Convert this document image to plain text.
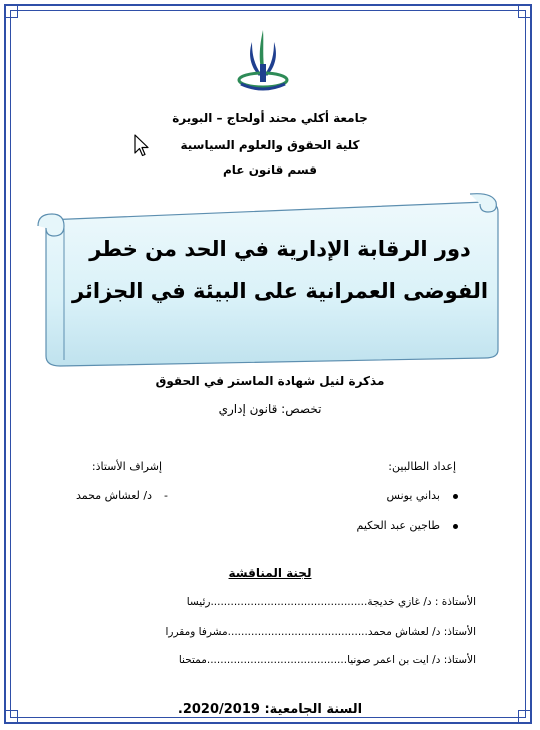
جامعة أكلي محند أولحاج – البويرة
كلية الحقوق والعلوم السياسية
قسم قانون عام
دور الرقابة الإدارية في الحد من خطر
الفوضى العمرانية على البيئة في الجزائر
مذكرة لنيل شهادة الماستر في الحقوق
تخصص: قانون إداري
إعداد الطالبين:
إشراف الأستاذ:
بداني يونس
طاجين عبد الحكيم
-
د/ لعشاش محمد
لجنة المناقشة
الأستاذة : د/ غازي خديجة...............................................رئيسا
الأستاذ: د/ لعشاش محمد..........................................مشرفا ومقررا
الأستاذ: د/ ايت بن اعمر صونيا..........................................ممتحنا
السنة الجامعية: 2020/2019.
